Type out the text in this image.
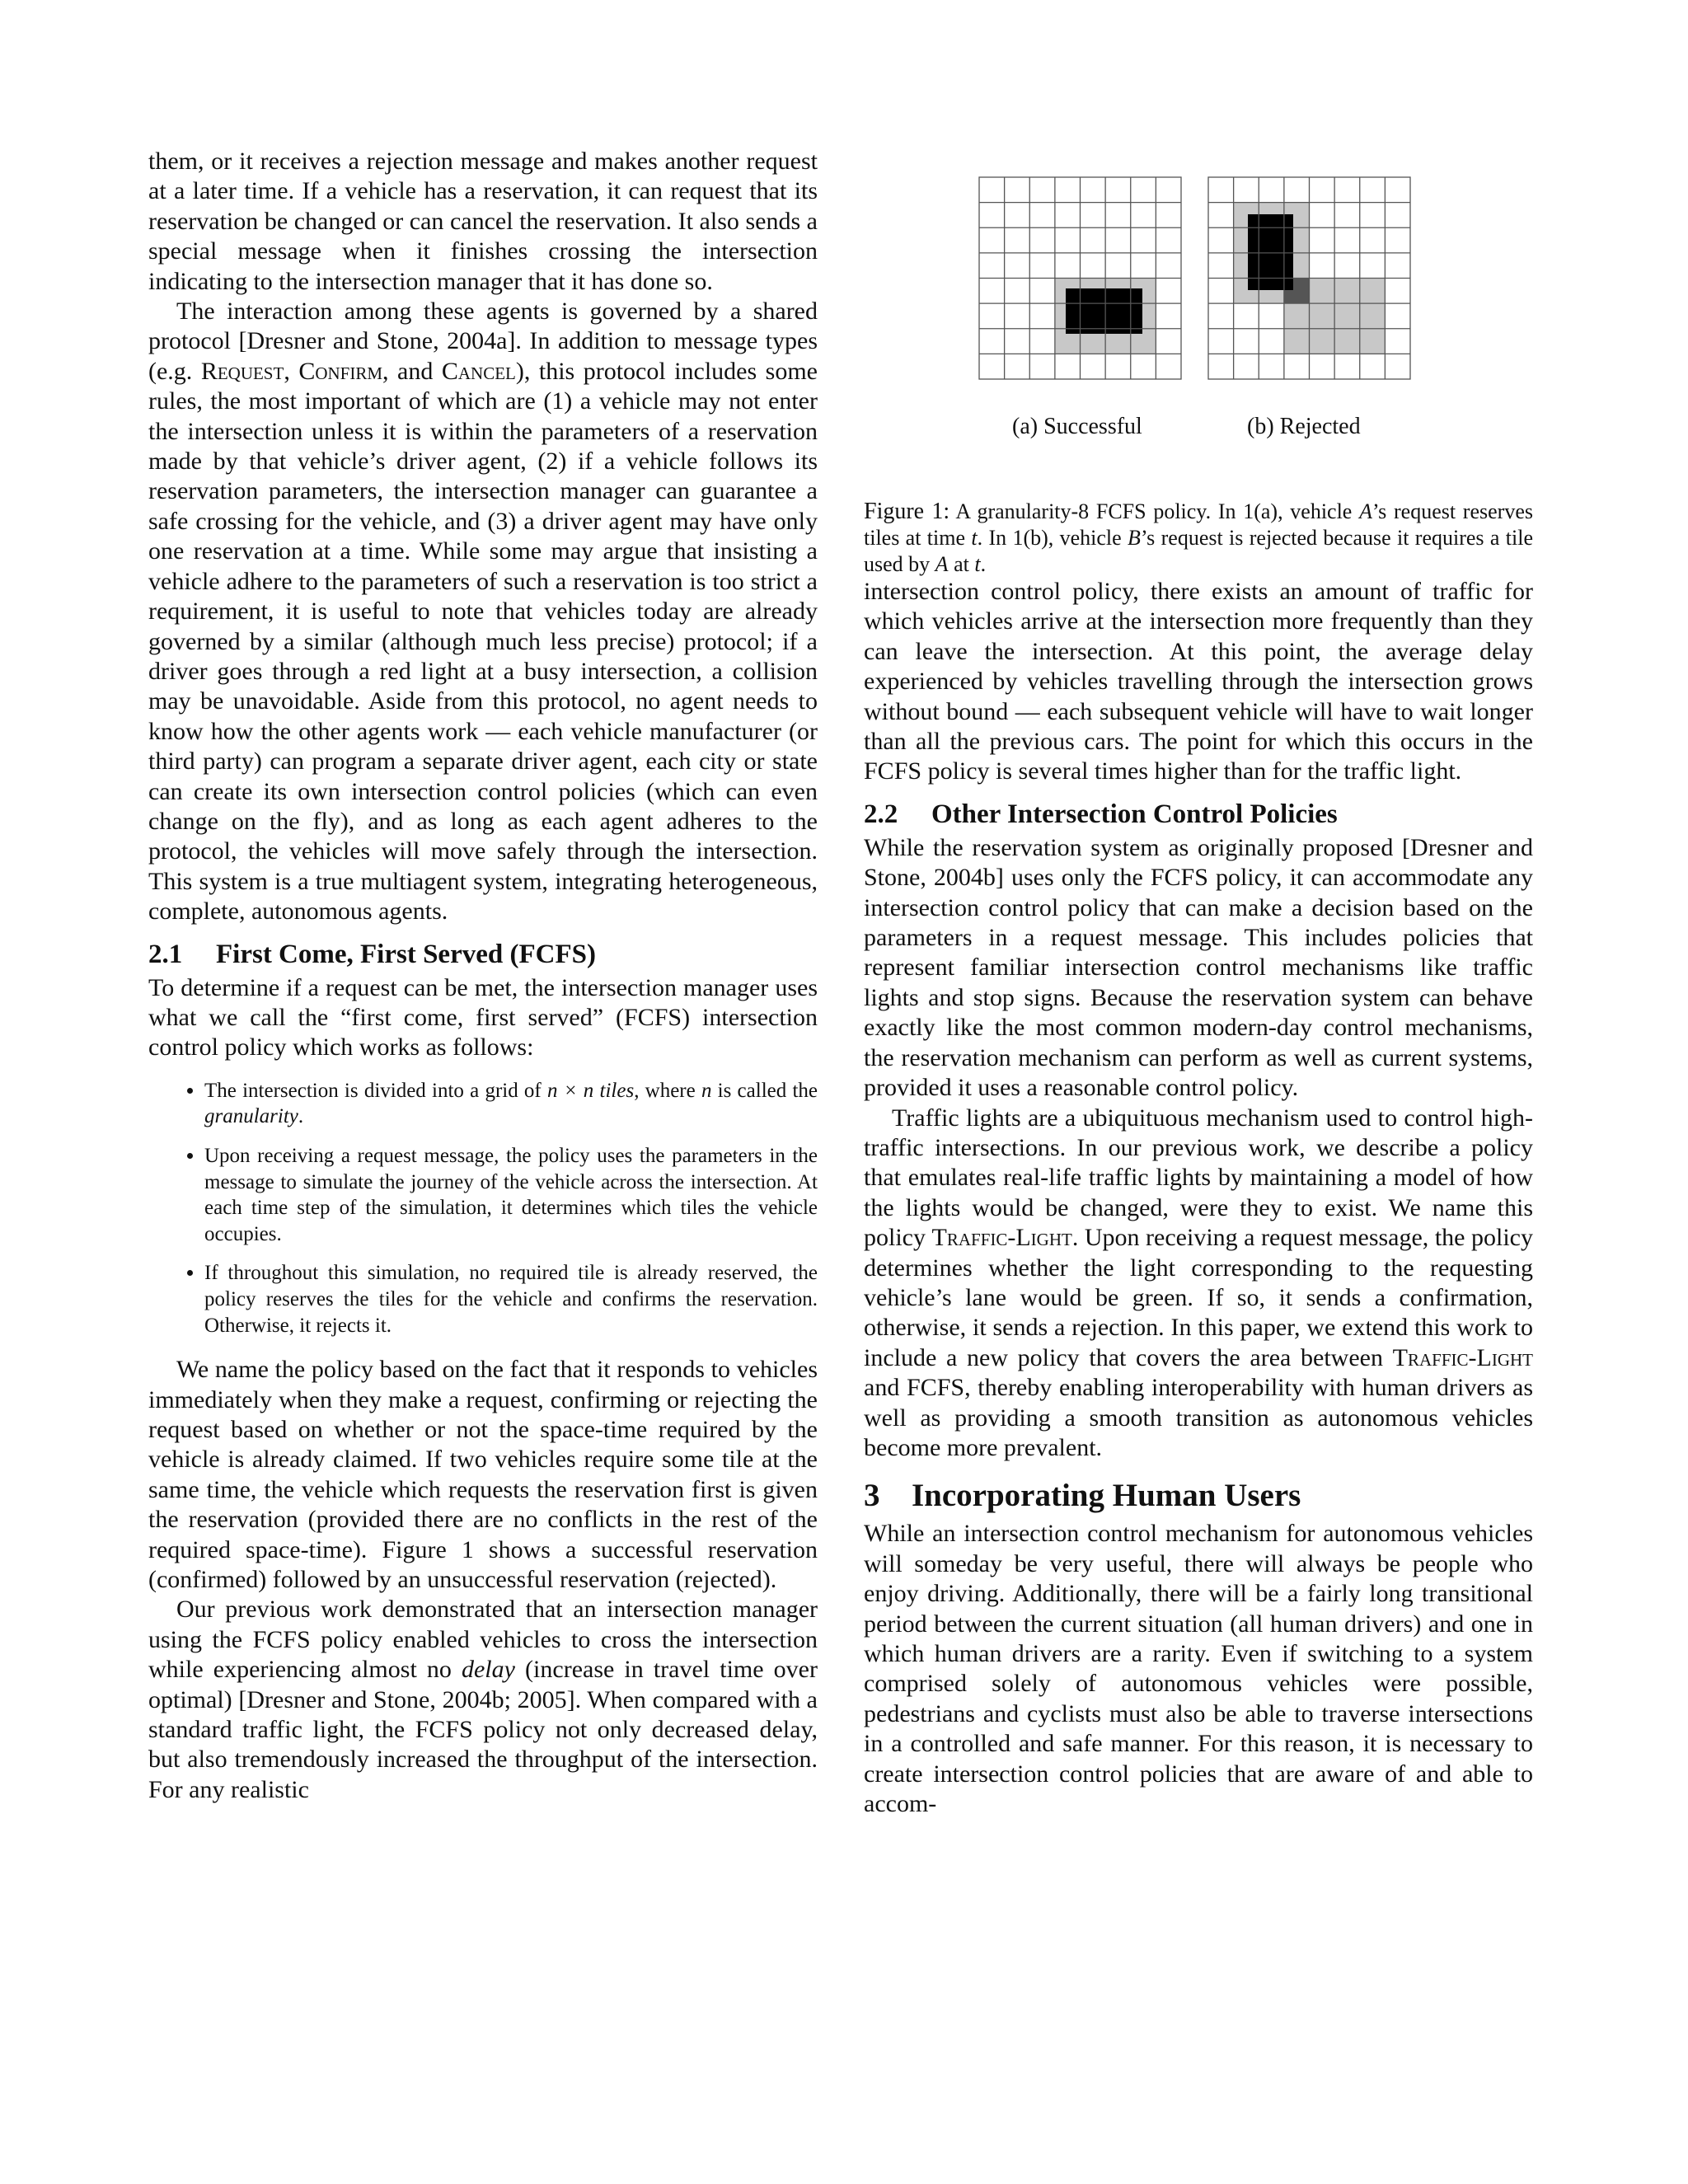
them, or it receives a rejection message and makes another request at a later time. If a vehicle has a reservation, it can request that its reservation be changed or can cancel the reservation. It also sends a special message when it finishes crossing the intersection indicating to the intersection manager that it has done so.

The interaction among these agents is governed by a shared protocol [Dresner and Stone, 2004a]. In addition to message types (e.g. Request, Confirm, and Cancel), this protocol includes some rules, the most important of which are (1) a vehicle may not enter the intersection unless it is within the parameters of a reservation made by that vehicle’s driver agent, (2) if a vehicle follows its reservation parameters, the intersection manager can guarantee a safe crossing for the vehicle, and (3) a driver agent may have only one reservation at a time. While some may argue that insisting a vehicle adhere to the parameters of such a reservation is too strict a requirement, it is useful to note that vehicles today are already governed by a similar (although much less precise) protocol; if a driver goes through a red light at a busy intersection, a collision may be unavoidable. Aside from this protocol, no agent needs to know how the other agents work — each vehicle manufacturer (or third party) can program a separate driver agent, each city or state can create its own intersection control policies (which can even change on the fly), and as long as each agent adheres to the protocol, the vehicles will move safely through the intersection. This system is a true multiagent system, integrating heterogeneous, complete, autonomous agents.

2.1 First Come, First Served (FCFS)

To determine if a request can be met, the intersection manager uses what we call the “first come, first served” (FCFS) intersection control policy which works as follows:

• The intersection is divided into a grid of n × n tiles, where n is called the granularity.
• Upon receiving a request message, the policy uses the parameters in the message to simulate the journey of the vehicle across the intersection. At each time step of the simulation, it determines which tiles the vehicle occupies.
• If throughout this simulation, no required tile is already reserved, the policy reserves the tiles for the vehicle and confirms the reservation. Otherwise, it rejects it.

We name the policy based on the fact that it responds to vehicles immediately when they make a request, confirming or rejecting the request based on whether or not the space-time required by the vehicle is already claimed. If two vehicles require some tile at the same time, the vehicle which requests the reservation first is given the reservation (provided there are no conflicts in the rest of the required space-time). Figure 1 shows a successful reservation (confirmed) followed by an unsuccessful reservation (rejected).

Our previous work demonstrated that an intersection manager using the FCFS policy enabled vehicles to cross the intersection while experiencing almost no delay (increase in travel time over optimal) [Dresner and Stone, 2004b; 2005]. When compared with a standard traffic light, the FCFS policy not only decreased delay, but also tremendously increased the throughput of the intersection. For any realistic

(a) Successful	(b) Rejected
Figure 1: A granularity-8 FCFS policy. In 1(a), vehicle A’s request reserves tiles at time t. In 1(b), vehicle B’s request is rejected because it requires a tile used by A at t.

intersection control policy, there exists an amount of traffic for which vehicles arrive at the intersection more frequently than they can leave the intersection. At this point, the average delay experienced by vehicles travelling through the intersection grows without bound — each subsequent vehicle will have to wait longer than all the previous cars. The point for which this occurs in the FCFS policy is several times higher than for the traffic light.

2.2 Other Intersection Control Policies

While the reservation system as originally proposed [Dresner and Stone, 2004b] uses only the FCFS policy, it can accommodate any intersection control policy that can make a decision based on the parameters in a request message. This includes policies that represent familiar intersection control mechanisms like traffic lights and stop signs. Because the reservation system can behave exactly like the most common modern-day control mechanisms, the reservation mechanism can perform as well as current systems, provided it uses a reasonable control policy.

Traffic lights are a ubiquituous mechanism used to control high-traffic intersections. In our previous work, we describe a policy that emulates real-life traffic lights by maintaining a model of how the lights would be changed, were they to exist. We name this policy Traffic-Light. Upon receiving a request message, the policy determines whether the light corresponding to the requesting vehicle’s lane would be green. If so, it sends a confirmation, otherwise, it sends a rejection. In this paper, we extend this work to include a new policy that covers the area between Traffic-Light and FCFS, thereby enabling interoperability with human drivers as well as providing a smooth transition as autonomous vehicles become more prevalent.

3 Incorporating Human Users

While an intersection control mechanism for autonomous vehicles will someday be very useful, there will always be people who enjoy driving. Additionally, there will be a fairly long transitional period between the current situation (all human drivers) and one in which human drivers are a rarity. Even if switching to a system comprised solely of autonomous vehicles were possible, pedestrians and cyclists must also be able to traverse intersections in a controlled and safe manner. For this reason, it is necessary to create intersection control policies that are aware of and able to accom-
